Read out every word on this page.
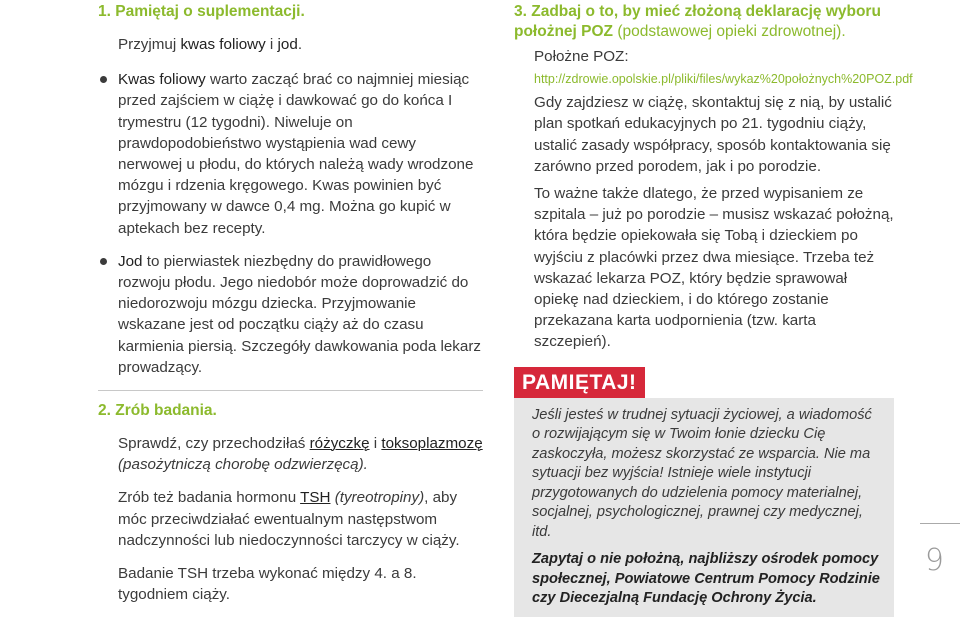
1. Pamiętaj o suplementacji.

Przyjmuj kwas foliowy i jod.

Kwas foliowy warto zacząć brać co najmniej miesiąc przed zajściem w ciążę i dawkować go do końca I trymestru (12 tygodni). Niweluje on prawdopodobieństwo wystąpienia wad cewy nerwowej u płodu, do których należą wady wrodzone mózgu i rdzenia kręgowego. Kwas powinien być przyjmowany w dawce 0,4 mg. Można go kupić w aptekach bez recepty.

Jod to pierwiastek niezbędny do prawidłowego rozwoju płodu. Jego niedobór może doprowadzić do niedorozwoju mózgu dziecka. Przyjmowanie wskazane jest od początku ciąży aż do czasu karmienia piersią. Szczegóły dawkowania poda lekarz prowadzący.

2. Zrób badania.

Sprawdź, czy przechodziłaś różyczkę i toksoplazmozę
(pasożytniczą chorobę odzwierzęcą).

Zrób też badania hormonu TSH (tyreotropiny), aby móc przeciwdziałać ewentualnym następstwom nadczynności lub niedoczynności tarczycy w ciąży.

Badanie TSH trzeba wykonać między 4. a 8. tygodniem ciąży.

3. Zadbaj o to, by mieć złożoną deklarację wyboru położnej POZ (podstawowej opieki zdrowotnej).
Położne POZ:
http://zdrowie.opolskie.pl/pliki/files/wykaz%20położnych%20POZ.pdf

Gdy zajdziesz w ciążę, skontaktuj się z nią, by ustalić plan spotkań edukacyjnych po 21. tygodniu ciąży, ustalić zasady współpracy, sposób kontaktowania się zarówno przed porodem, jak i po porodzie.

To ważne także dlatego, że przed wypisaniem ze szpitala – już po porodzie – musisz wskazać położną, która będzie opiekowała się Tobą i dzieckiem po wyjściu z placówki przez dwa miesiące. Trzeba też wskazać lekarza POZ, który będzie sprawował opiekę nad dzieckiem, i do którego zostanie przekazana karta uodpornienia (tzw. karta szczepień).

PAMIĘTAJ!

Jeśli jesteś w trudnej sytuacji życiowej, a wiadomość o rozwijającym się w Twoim łonie dziecku Cię zaskoczyła, możesz skorzystać ze wsparcia. Nie ma sytuacji bez wyjścia! Istnieje wiele instytucji przygotowanych do udzielenia pomocy materialnej, socjalnej, psychologicznej, prawnej czy medycznej, itd.

Zapytaj o nie położną, najbliższy ośrodek pomocy społecznej, Powiatowe Centrum Pomocy Rodzinie czy Diecezjalną Fundację Ochrony Życia.

9
